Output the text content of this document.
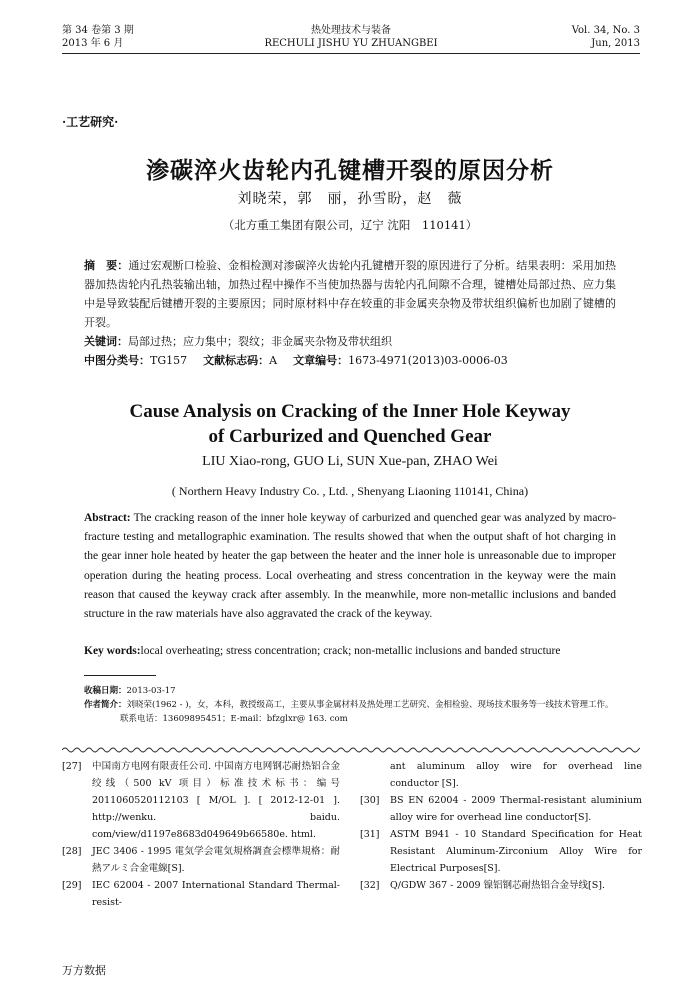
第 34 卷第 3 期
2013 年 6 月
热处理技术与装备
RECHULI JISHU YU ZHUANGBEI
Vol. 34, No. 3
Jun, 2013
·工艺研究·
渗碳淬火齿轮内孔键槽开裂的原因分析
刘晓荣，郭　丽，孙雪盼，赵　薇
（北方重工集团有限公司，辽宁 沈阳　110141）
摘　要：通过宏观断口检验、金相检测对渗碳淬火齿轮内孔键槽开裂的原因进行了分析。结果表明：采用加热器加热齿轮内孔热装输出轴，加热过程中操作不当使加热器与齿轮内孔间隙不合理，键槽处局部过热、应力集中是导致装配后键槽开裂的主要原因；同时原材料中存在较重的非金属夹杂物及带状组织偏析也加剧了键槽的开裂。
关键词：局部过热；应力集中；裂纹；非金属夹杂物及带状组织
中图分类号：TG157 文献标志码：A 文章编号：1673-4971(2013)03-0006-03
Cause Analysis on Cracking of the Inner Hole Keyway
of Carburized and Quenched Gear
LIU Xiao-rong, GUO Li, SUN Xue-pan, ZHAO Wei
( Northern Heavy Industry Co. , Ltd. , Shenyang Liaoning 110141, China)
Abstract: The cracking reason of the inner hole keyway of carburized and quenched gear was analyzed by macro-fracture testing and metallographic examination. The results showed that when the output shaft of hot charging in the gear inner hole heated by heater the gap between the heater and the inner hole is unreasonable due to improper operation during the heating process. Local overheating and stress concentration in the keyway were the main reason that caused the keyway crack after assembly. In the meanwhile, more non-metallic inclusions and banded structure in the raw materials have also aggravated the crack of the keyway.
Key words:local overheating; stress concentration; crack; non-metallic inclusions and banded structure
收稿日期：2013-03-17
作者简介：刘晓荣(1962 - )，女，本科，教授级高工，主要从事金属材料及热处理工艺研究、金相检验、现场技术服务等一线技术管理工作。
联系电话：13609895451；E-mail：bfzglxr@ 163. com
[27] 中国南方电网有限责任公司. 中国南方电网钢芯耐热铝合金绞线（500 kV 项目）标准技术标书：编号 2011060520112103 [ M/OL ]. [ 2012-12-01 ]. http://wenku. baidu. com/view/d1197e8683d049649b66580e. html.
[28] JEC 3406 - 1995 電気学会電気規格調査会標準規格：耐熱アルミ合金電線[S].
[29] IEC 62004 - 2007 International Standard Thermal-resist-
ant aluminum alloy wire for overhead line conductor [S].
[30] BS EN 62004 - 2009 Thermal-resistant aluminium alloy wire for overhead line conductor[S].
[31] ASTM B941 - 10 Standard Specification for Heat Resistant Aluminum-Zirconium Alloy Wire for Electrical Purposes[S].
[32] Q/GDW 367 - 2009 镍铝钢芯耐热铝合金导线[S].
万方数据
